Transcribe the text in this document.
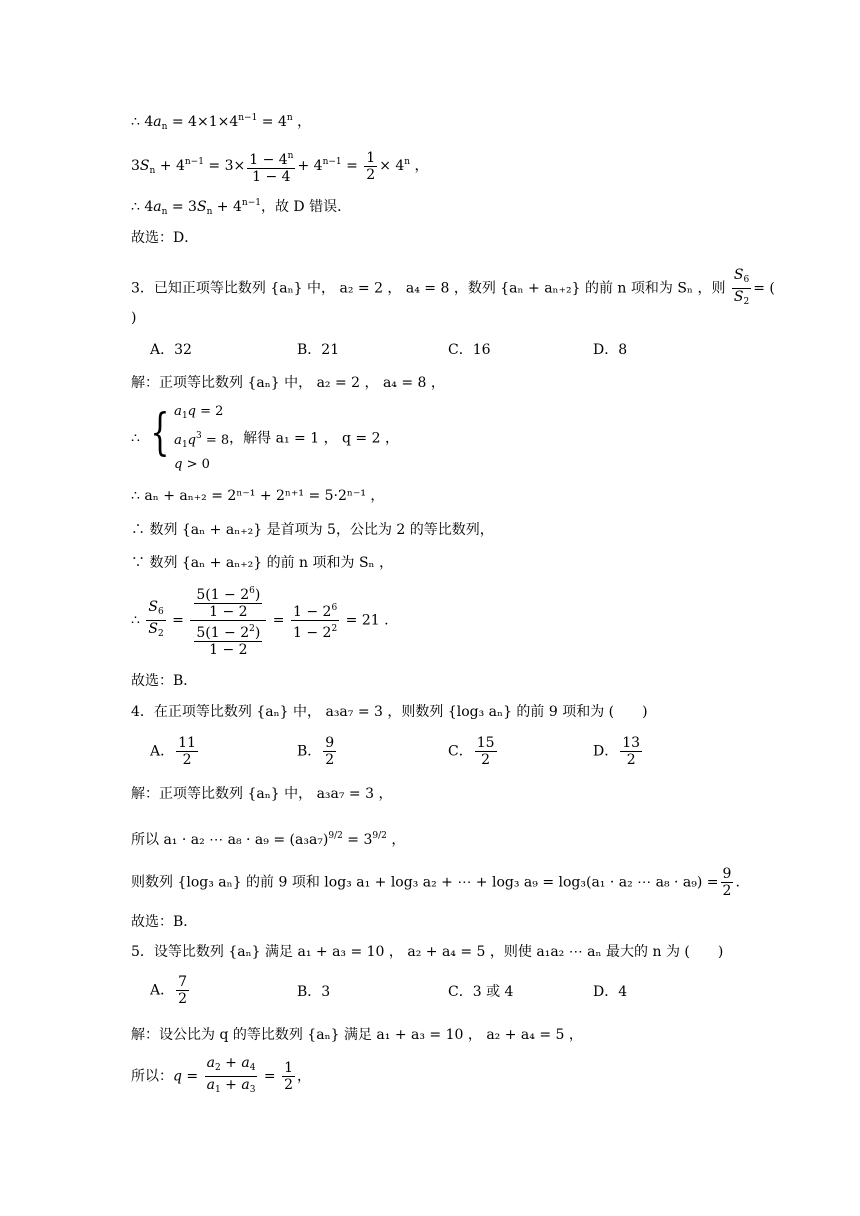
∴ $4a_n = 4\times 1\times 4^{n-1} = 4^n$ ，
$3S_n + 4^{n-1} = 3\times \frac{1 - 4^n}{1 - 4} + 4^{n-1} = \frac{1}{2} \times 4^n$ ，
∴ $4a_n = 3S_n + 4^{n-1}$，故 D 错误．
故选：D．
3．已知正项等比数列 {aₙ} 中， a₂ = 2 ， a₄ = 8 ，数列 {aₙ + aₙ₊₂} 的前 n 项和为 Sₙ ，则 $\frac{S_6}{S_2}$ = (
)
A．32	B．21	C．16	D．8
解：正项等比数列 {aₙ} 中， a₂ = 2 ， a₄ = 8 ，
∴ { $a_1q = 2$
$a_1q^3 = 8$
q > 0
，解得 a₁ = 1 ， q = 2 ，
∴ aₙ + aₙ₊₂ = 2ⁿ⁻¹ + 2ⁿ⁺¹ = 5·2ⁿ⁻¹ ，
∴ 数列 {aₙ + aₙ₊₂} 是首项为 5，公比为 2 的等比数列，
∵ 数列 {aₙ + aₙ₊₂} 的前 n 项和为 Sₙ ，
∴ $\frac{S_6}{S_2} = \frac{\frac{5(1 - 2^6)}{1 - 2}}{\frac{5(1 - 2^2)}{1 - 2}} = \frac{1 - 2^6}{1 - 2^2} = 21$ .
故选：B．
4．在正项等比数列 {aₙ} 中， a₃a₇ = 3 ，则数列 {log₃ aₙ} 的前 9 项和为 (　　)
A． $\frac{11}{2}$	B． $\frac{9}{2}$	C． $\frac{15}{2}$	D． $\frac{13}{2}$
解：正项等比数列 {aₙ} 中， a₃a₇ = 3 ，
所以 a₁ · a₂ ⋯ $a_8 \cdot a_9 = (a_3a_7)^{9/2} = 3^{9/2}$ ，
则数列 {log₃ aₙ} 的前 9 项和 log₃ a₁ + log₃ a₂ + ⋯ + log₃ a₉ = log₃(a₁ · a₂ ⋯ $a_8 \cdot a_9) = \frac{9}{2}$ .
故选：B．
5．设等比数列 {aₙ} 满足 a₁ + a₃ = 10 ， a₂ + a₄ = 5 ，则使 a₁a₂ ⋯ aₙ 最大的 n 为 (　　)
A． $\frac{7}{2}$	B．3	C．3 或 4	D．4
解：设公比为 q 的等比数列 {aₙ} 满足 a₁ + a₃ = 10 ， a₂ + a₄ = 5 ，
所以：$q = \frac{a_2 + a_4}{a_1 + a_3} = \frac{1}{2}$ ，
